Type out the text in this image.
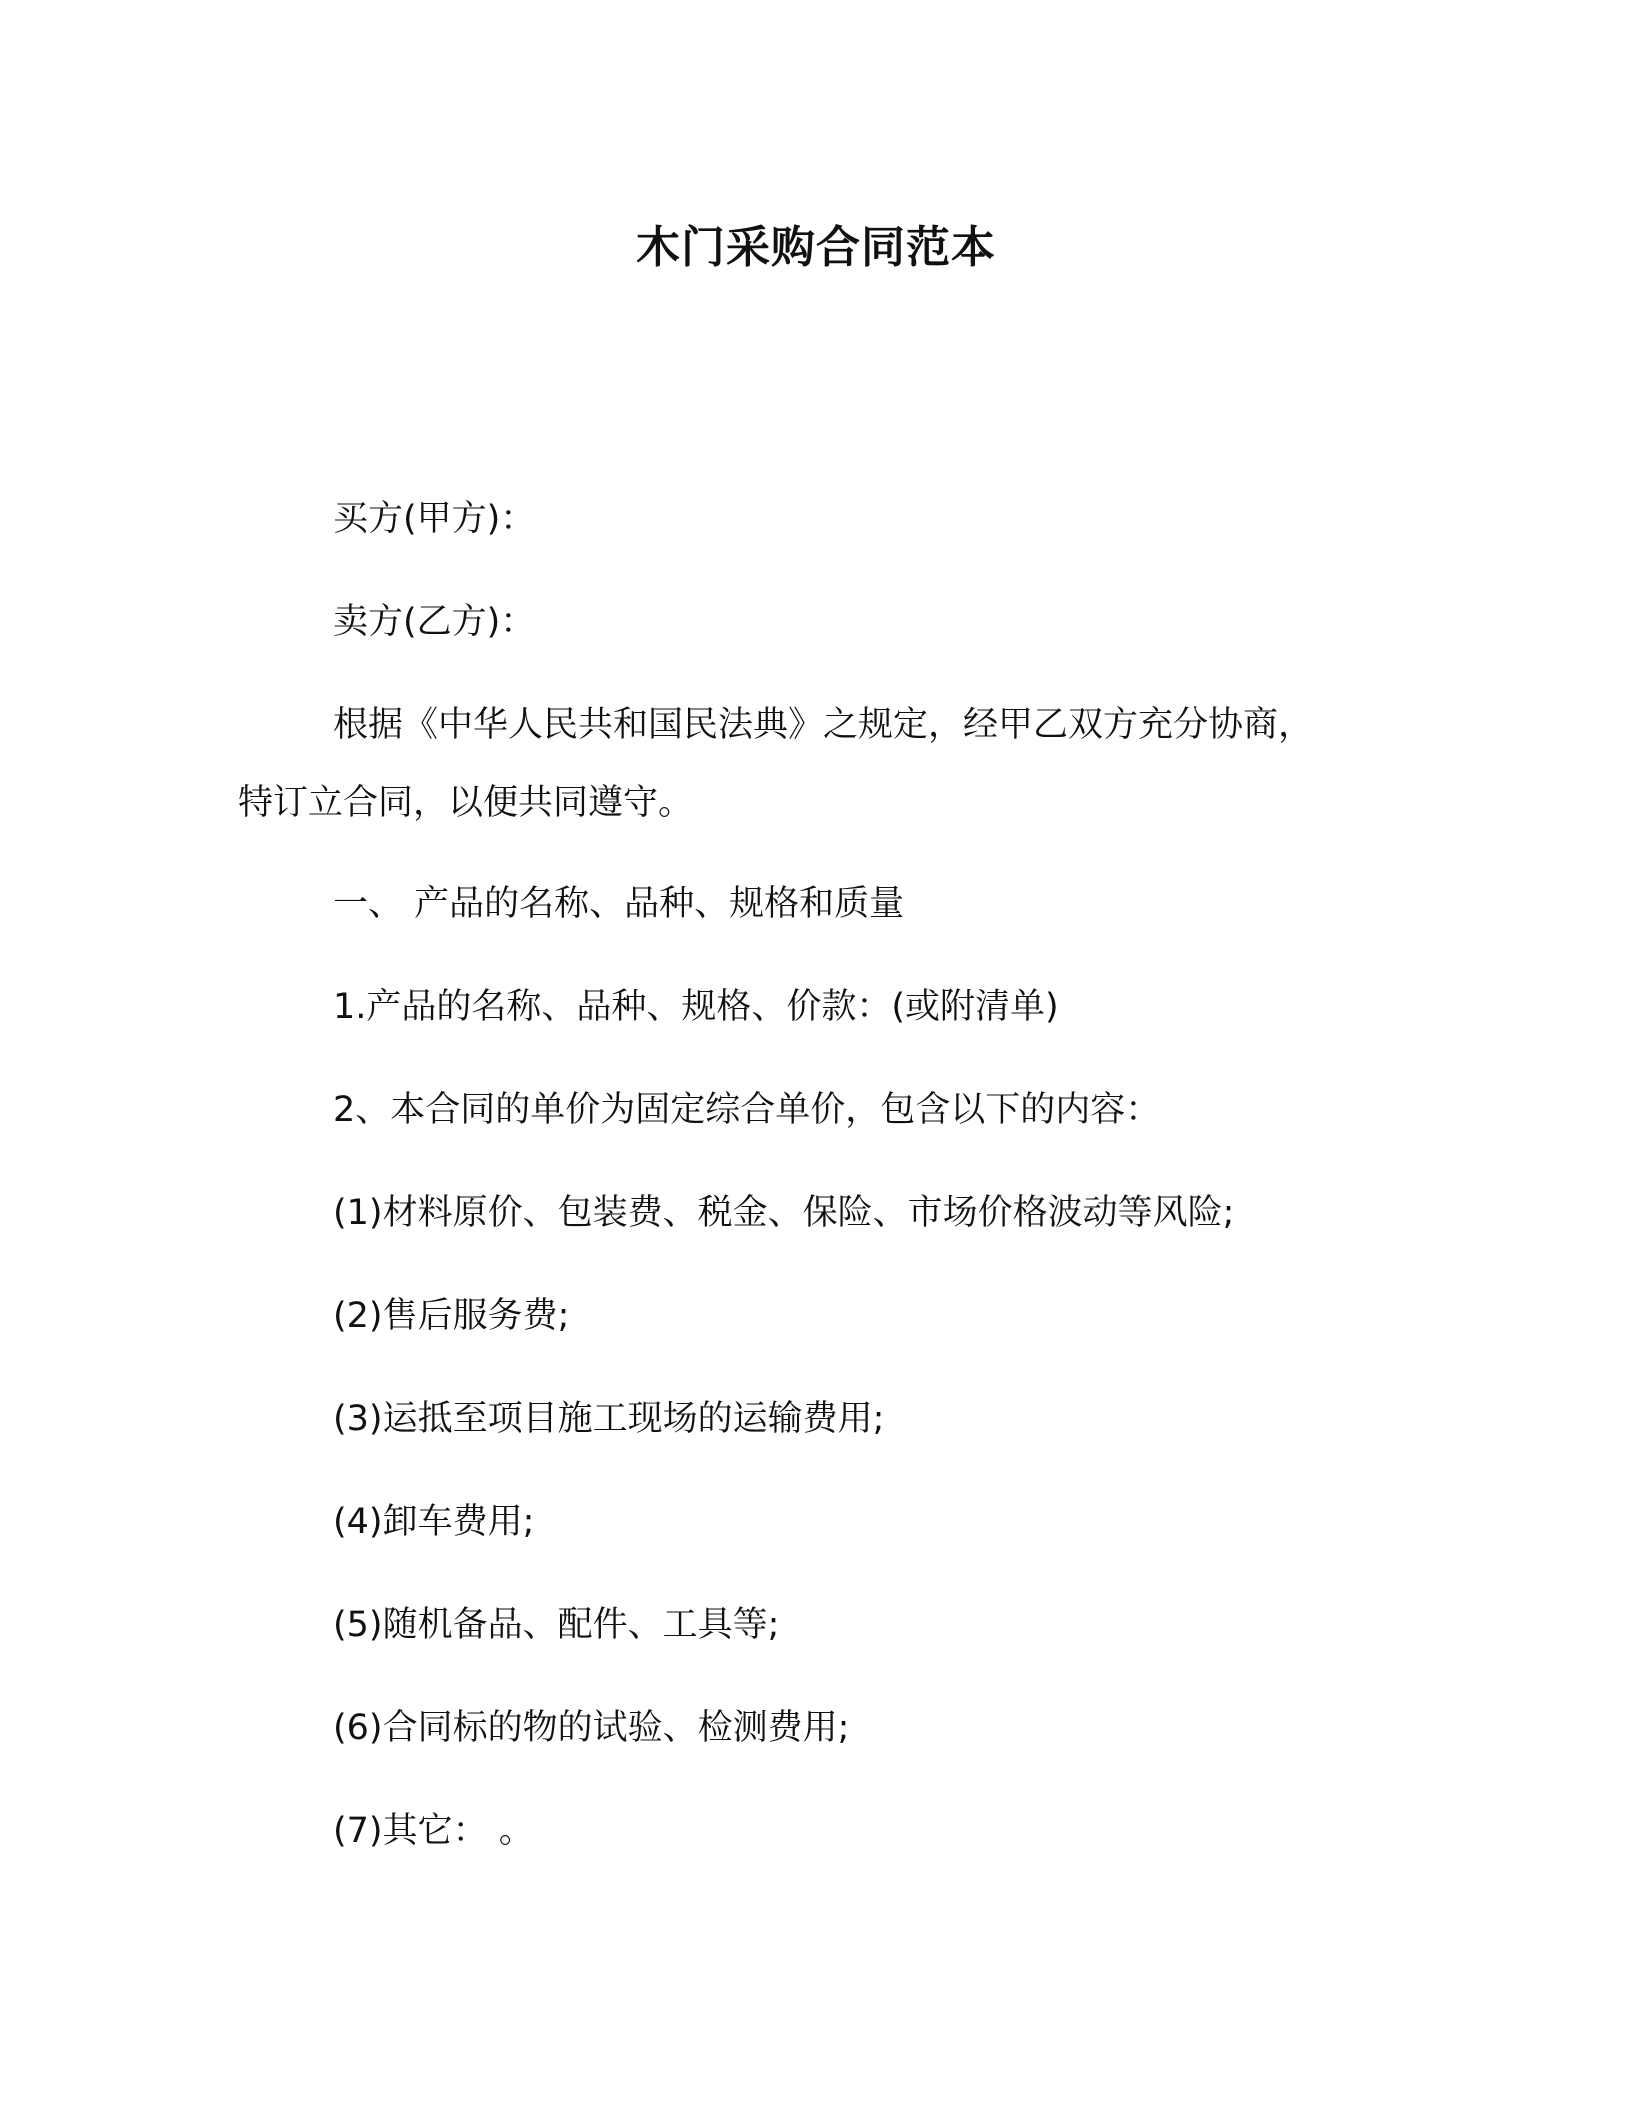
木门采购合同范本
买方(甲方)：
卖方(乙方)：
根据《中华人民共和国民法典》之规定，经甲乙双方充分协商，
特订立合同，以便共同遵守。
一、 产品的名称、品种、规格和质量
1.产品的名称、品种、规格、价款：(或附清单)
2、本合同的单价为固定综合单价，包含以下的内容：
(1)材料原价、包装费、税金、保险、市场价格波动等风险;
(2)售后服务费;
(3)运抵至项目施工现场的运输费用;
(4)卸车费用;
(5)随机备品、配件、工具等;
(6)合同标的物的试验、检测费用;
(7)其它： 。
